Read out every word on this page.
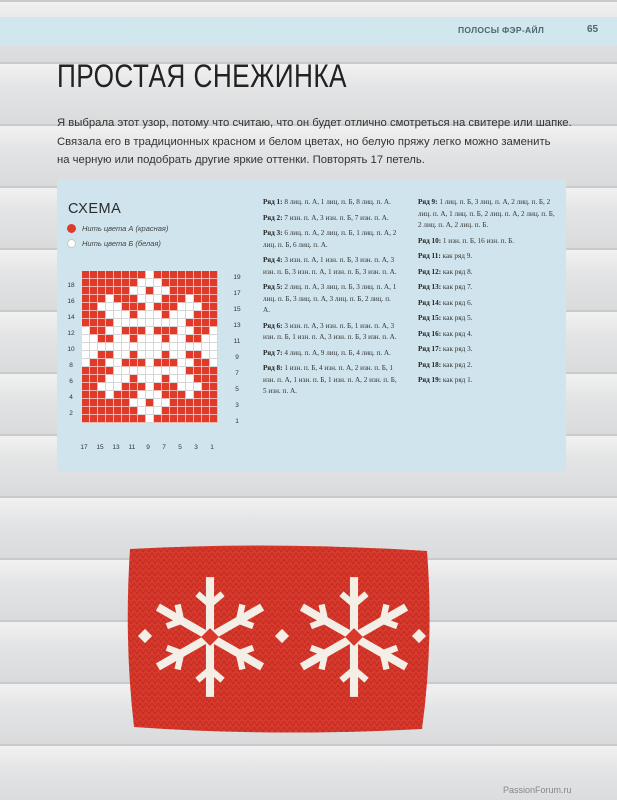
ПОЛОСЫ ФЭР-АЙЛ	65
ПРОСТАЯ СНЕЖИНКА

Я выбрала этот узор, потому что считаю, что он будет отлично смотреться на свитере или шапке.

Связала его в традиционных красном и белом цветах, но белую пряжу легко можно заменить

на черную или подобрать другие яркие оттенки. Повторять 17 петель.

СХЕМА
Нить цвета А (красная)
Нить цвета Б (белая)
18
16
14
12
10
8
6
4
2
19
17
15
13
11
9
7
5
3
1
17	15	13	11	9	7	5	3	1
Ряд 1: 8 лиц. п. А, 1 лиц. п. Б, 8 лиц. п. А.
Ряд 2: 7 изн. п. А, 3 изн. п. Б, 7 изн. п. А.
Ряд 3: 6 лиц. п. А, 2 лиц. п. Б, 1 лиц. п. А, 2 лиц. п. Б, 6 лиц. п. А.
Ряд 4: 3 изн. п. А, 1 изн. п. Б, 3 изн. п. А, 3 изн. п. Б, 3 изн. п. А, 1 изн. п. Б, 3 изн. п. А.
Ряд 5: 2 лиц. п. А, 3 лиц. п. Б, 3 лиц. п. А, 1 лиц. п. Б, 3 лиц. п. А, 3 лиц. п. Б, 2 лиц. п. А.
Ряд 6: 3 изн. п. А, 3 изн. п. Б, 1 изн. п. А, 3 изн. п. Б, 1 изн. п. А, 3 изн. п. Б, 3 изн. п. А.
Ряд 7: 4 лиц. п. А, 9 лиц. п. Б, 4 лиц. п. А.
Ряд 8: 1 изн. п. Б, 4 изн. п. А, 2 изн. п. Б, 1 изн. п. А, 1 изн. п. Б, 1 изн. п. А, 2 изн. п. Б, 5 изн. п. А.
Ряд 9: 1 лиц. п. Б, 3 лиц. п. А, 2 лиц. п. Б, 2 лиц. п. А, 1 лиц. п. Б, 2 лиц. п. А, 2 лиц. п. Б, 2 лиц. п. А, 2 лиц. п. Б.
Ряд 10: 1 изн. п. Б, 16 изн. п. Б.
Ряд 11: как ряд 9.
Ряд 12: как ряд 8.
Ряд 13: как ряд 7.
Ряд 14: как ряд 6.
Ряд 15: как ряд 5.
Ряд 16: как ряд 4.
Ряд 17: как ряд 3.
Ряд 18: как ряд 2.
Ряд 19: как ряд 1.
PassionForum.ru
